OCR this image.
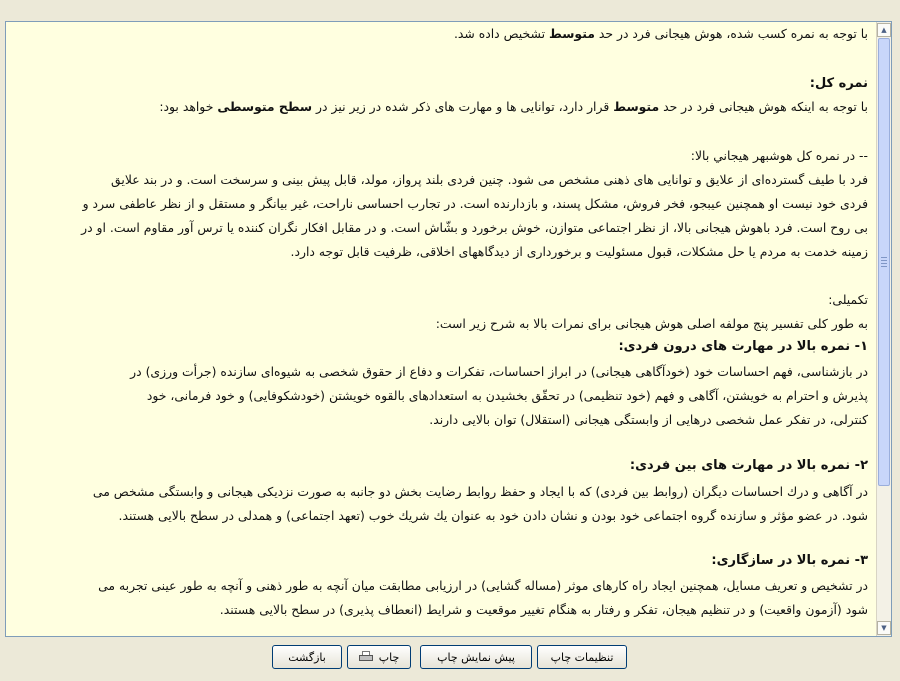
با توجه به نمره کسب شده، هوش هیجانی فرد در حد متوسط تشخیص داده شد.

نمره کل:

با توجه به اینکه هوش هیجانی فرد در حد متوسط قرار دارد، توانایی ها و مهارت های ذکر شده در زیر نیز در سطح متوسطی خواهد بود:

-- در نمره كل هوشبهر هيجاني بالا:

فرد با طیف گسترده‌ای از علایق و توانایی های ذهنی مشخص می شود. چنین فردی بلند پرواز، مولد، قابل پیش بینی و سرسخت است. و در بند علایق

فردی خود نیست او همچنین عیبجو، فخر فروش، مشکل پسند، و بازدارنده است. در تجارب احساسی ناراحت، غیر بیانگر و مستقل و از نظر عاطفی سرد و

بی روح است. فرد باهوش هیجانی بالا، از نظر اجتماعی متوازن، خوش برخورد و بشّاش است. و در مقابل افکار نگران کننده یا ترس آور مقاوم است. او در

زمینه خدمت به مردم یا حل مشکلات، قبول مسئولیت و برخورداری از دیدگاههای اخلاقی، ظرفیت قابل توجه دارد.

تکمیلی:

به طور کلی تفسیر پنج مولفه اصلی هوش هیجانی برای نمرات بالا به شرح زیر است:

۱- نمره بالا در مهارت های درون فردی:

در بازشناسی، فهم احساسات خود (خودآگاهی هیجانی) در ابراز احساسات، تفکرات و دفاع از حقوق شخصی به شیوه‌ای سازنده (جرأت ورزی) در

پذیرش و احترام به خویشتن، آگاهی و فهم (خود تنظیمی) در تحقّق بخشیدن به استعدادهای بالقوه خویشتن (خودشکوفایی) و خود فرمانی، خود

کنترلی، در تفکر عمل شخصی درهایی از وابستگی هیجانی (استقلال) توان بالایی دارند.

۲- نمره بالا در مهارت های بین فردی:

در آگاهی و درك احساسات ديگران (روابط بين فردى) كه با ايجاد و حفظ روابط رضايت بخش دو جانبه به صورت نزديكى هيجانى و وابستگى مشخص مى

شود. در عضو مؤثر و سازنده گروه اجتماعى خود بودن و نشان دادن خود به عنوان يك شريك خوب (تعهد اجتماعى) و همدلی در سطح بالایی هستند.

۳- نمره بالا در سازگاری:

در تشخیص و تعریف مسایل، همچنین ایجاد راه کارهای موثر (مساله گشایی) در ارزیابی مطابقت میان آنچه به طور ذهنی و آنچه به طور عینی تجربه می

شود (آزمون واقعیت) و در تنظیم هیجان، تفکر و رفتار به هنگام تغییر موقعیت و شرایط (انعطاف پذیری) در سطح بالایی هستند.

▲
▼
بازگشت	چاپ	پیش نمایش چاپ	تنظیمات چاپ
